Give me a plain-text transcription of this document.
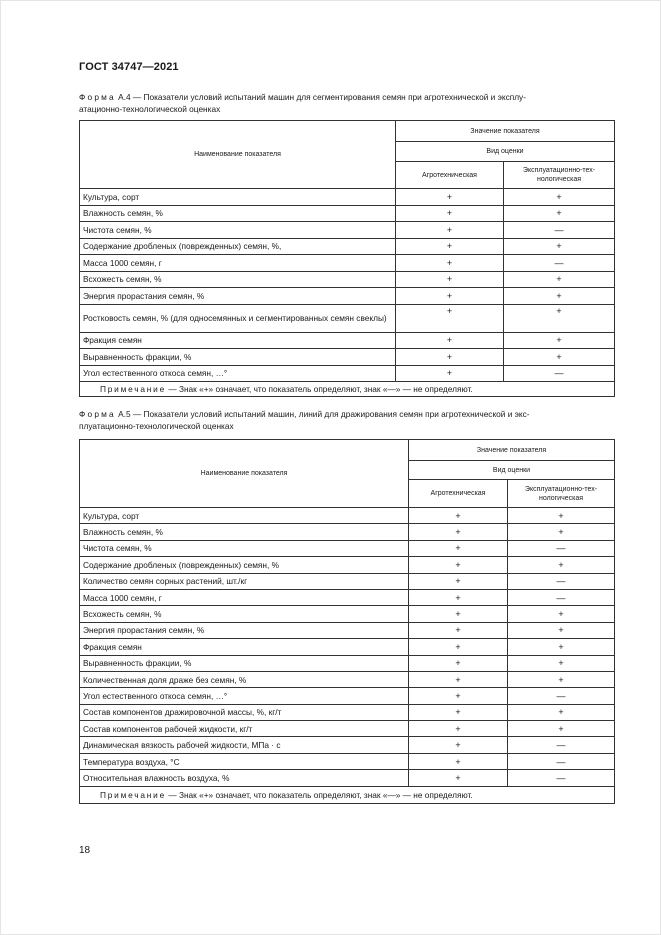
ГОСТ 34747—2021
Форма А.4 — Показатели условий испытаний машин для сегментирования семян при агротехнической и эксплу-
атационно-технологической оценках
Наименование показателя	Значение показателя	
	Вид оценки	
	Агротехническая	Эксплуатационно-тех-
нологическая
Культура, сорт	+	+
Влажность семян, %	+	+
Чистота семян, %	+	—
Содержание дробленых (поврежденных) семян, %,	+	+
Масса 1000 семян, г	+	—
Всхожесть семян, %	+	+
Энергия прорастания семян, %	+	+
Ростковость семян, % (для односемянных и сегментированных семян свеклы)	+	+
Фракция семян	+	+
Выравненность фракции, %	+	+
Угол естественного откоса семян, …°	+	—
Примечание — Знак «+» означает, что показатель определяют, знак «—» — не определяют.		
Форма А.5 — Показатели условий испытаний машин, линий для дражирования семян при агротехнической и экс-
плуатационно-технологической оценках
Наименование показателя	Значение показателя	
	Вид оценки	
	Агротехническая	Эксплуатационно-тех-
нологическая
Культура, сорт	+	+
Влажность семян, %	+	+
Чистота семян, %	+	—
Содержание дробленых (поврежденных) семян, %	+	+
Количество семян сорных растений, шт./кг	+	—
Масса 1000 семян, г	+	—
Всхожесть семян, %	+	+
Энергия прорастания семян, %	+	+
Фракция семян	+	+
Выравненность фракции, %	+	+
Количественная доля драже без семян, %	+	+
Угол естественного откоса семян, …°	+	—
Состав компонентов дражировочной массы, %, кг/т	+	+
Состав компонентов рабочей жидкости, кг/т	+	+
Динамическая вязкость рабочей жидкости, МПа · с	+	—
Температура воздуха, °С	+	—
Относительная влажность воздуха, %	+	—
Примечание — Знак «+» означает, что показатель определяют, знак «—» — не определяют.		
18
